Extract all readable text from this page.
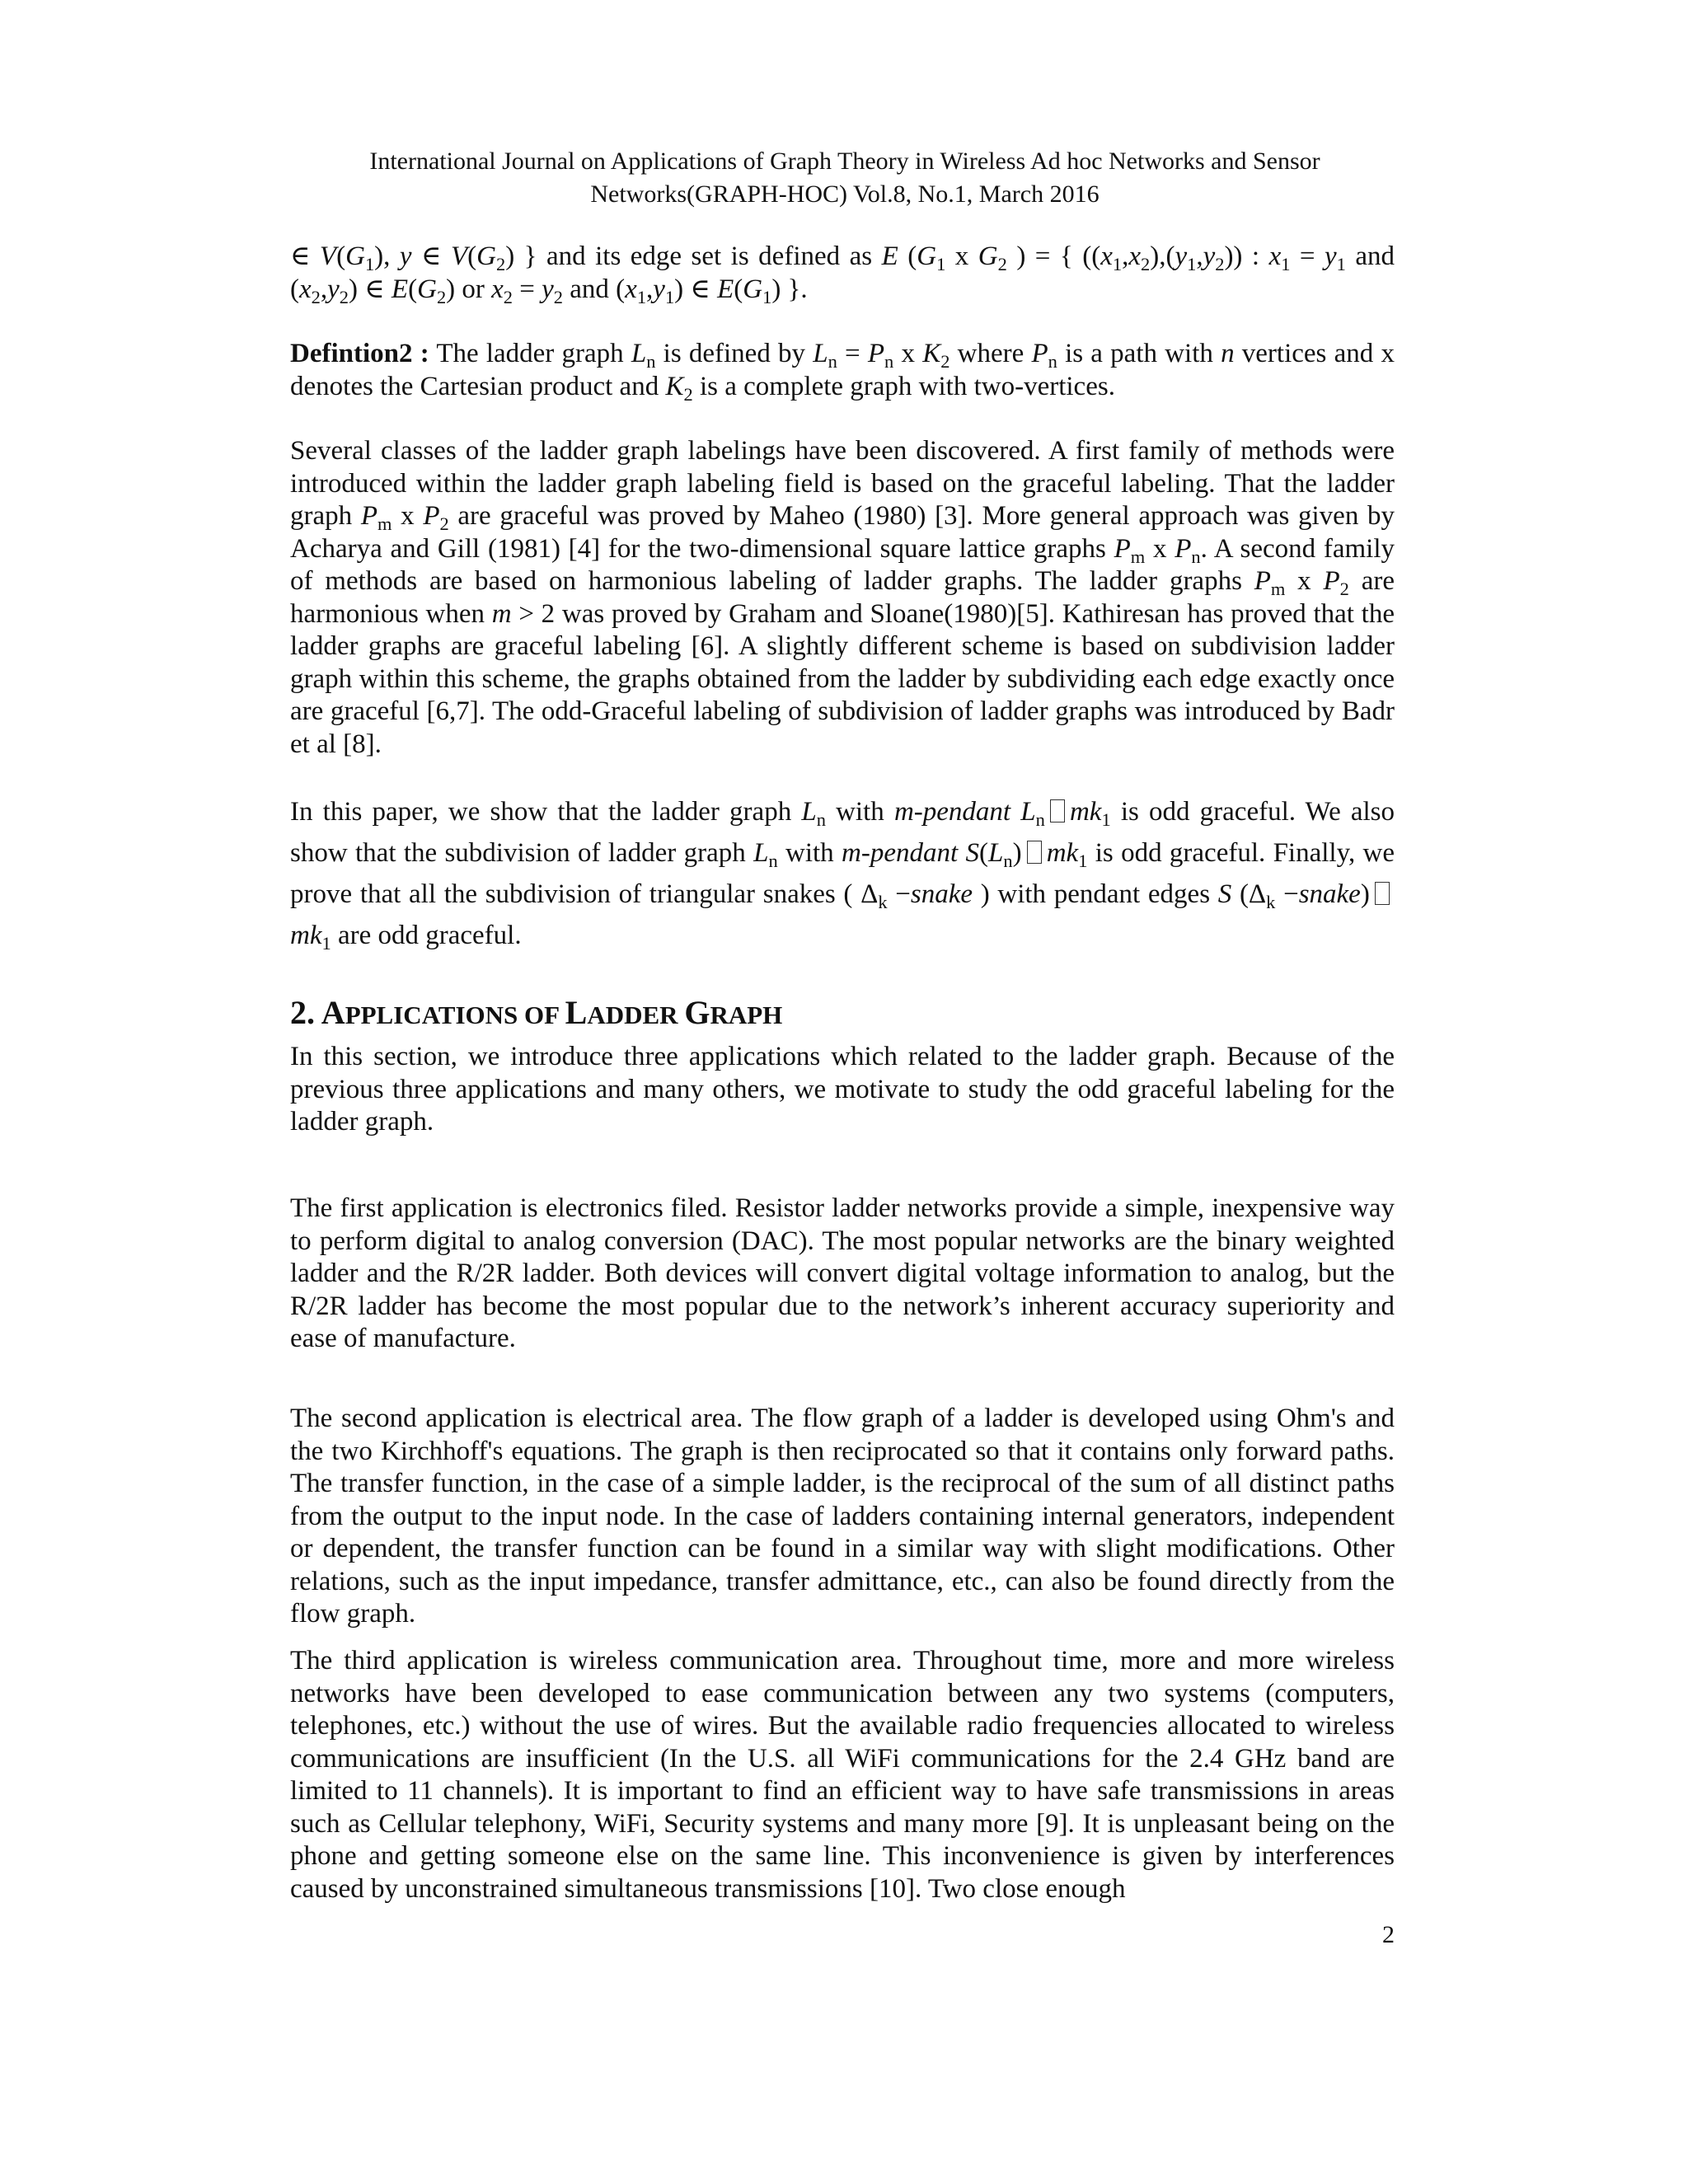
International Journal on Applications of Graph Theory in Wireless Ad hoc Networks and Sensor
Networks(GRAPH-HOC) Vol.8, No.1, March 2016

∈ $V(G_1)$, y ∈ $V(G_2)$ } and its edge set is defined as E ($G_1$ x $G_2$ ) = { $((x_1,x_2),(y_1,y_2))$ : $x_1 = y_1$ and $(x_2,y_2)$ ∈ $E(G_2)$ or $x_2 = y_2$ and $(x_1,y_1)$ ∈ $E(G_1)$ }.

Defintion2 : The ladder graph $L_n$ is defined by $L_n = P_n$ x $K_2$ where $P_n$ is a path with n vertices and x denotes the Cartesian product and $K_2$ is a complete graph with two-vertices.

Several classes of the ladder graph labelings have been discovered. A first family of methods were introduced within the ladder graph labeling field is based on the graceful labeling. That the ladder graph $P_m$ x $P_2$ are graceful was proved by Maheo (1980) [3]. More general approach was given by Acharya and Gill (1981) [4] for the two-dimensional square lattice graphs $P_m$ x $P_n$. A second family of methods are based on harmonious labeling of ladder graphs. The ladder graphs $P_m$ x $P_2$ are harmonious when m > 2 was proved by Graham and Sloane(1980)[5]. Kathiresan has proved that the ladder graphs are graceful labeling [6]. A slightly different scheme is based on subdivision ladder graph within this scheme, the graphs obtained from the ladder by subdividing each edge exactly once are graceful [6,7]. The odd-Graceful labeling of subdivision of ladder graphs was introduced by Badr et al [8].

In this paper, we show that the ladder graph $L_n$ with m-pendant $L_n$ $mk_1$ is odd graceful. We also show that the subdivision of ladder graph $L_n$ with m-pendant $S(L_n)$ $mk_1$ is odd graceful. Finally, we prove that all the subdivision of triangular snakes ( $\Delta_k$ −snake ) with pendant edges S ($\Delta_k$ −snake) $mk_1$ are odd graceful.

2. APPLICATIONS OF LADDER GRAPH

In this section, we introduce three applications which related to the ladder graph. Because of the previous three applications and many others, we motivate to study the odd graceful labeling for the ladder graph.

The first application is electronics filed. Resistor ladder networks provide a simple, inexpensive way to perform digital to analog conversion (DAC). The most popular networks are the binary weighted ladder and the R/2R ladder. Both devices will convert digital voltage information to analog, but the R/2R ladder has become the most popular due to the network’s inherent accuracy superiority and ease of manufacture.

The second application is electrical area. The flow graph of a ladder is developed using Ohm's and the two Kirchhoff's equations. The graph is then reciprocated so that it contains only forward paths. The transfer function, in the case of a simple ladder, is the reciprocal of the sum of all distinct paths from the output to the input node. In the case of ladders containing internal generators, independent or dependent, the transfer function can be found in a similar way with slight modifications. Other relations, such as the input impedance, transfer admittance, etc., can also be found directly from the flow graph.

The third application is wireless communication area. Throughout time, more and more wireless networks have been developed to ease communication between any two systems (computers, telephones, etc.) without the use of wires. But the available radio frequencies allocated to wireless communications are insufficient (In the U.S. all WiFi communications for the 2.4 GHz band are limited to 11 channels). It is important to find an efficient way to have safe transmissions in areas such as Cellular telephony, WiFi, Security systems and many more [9]. It is unpleasant being on the phone and getting someone else on the same line. This inconvenience is given by interferences caused by unconstrained simultaneous transmissions [10]. Two close enough

2
